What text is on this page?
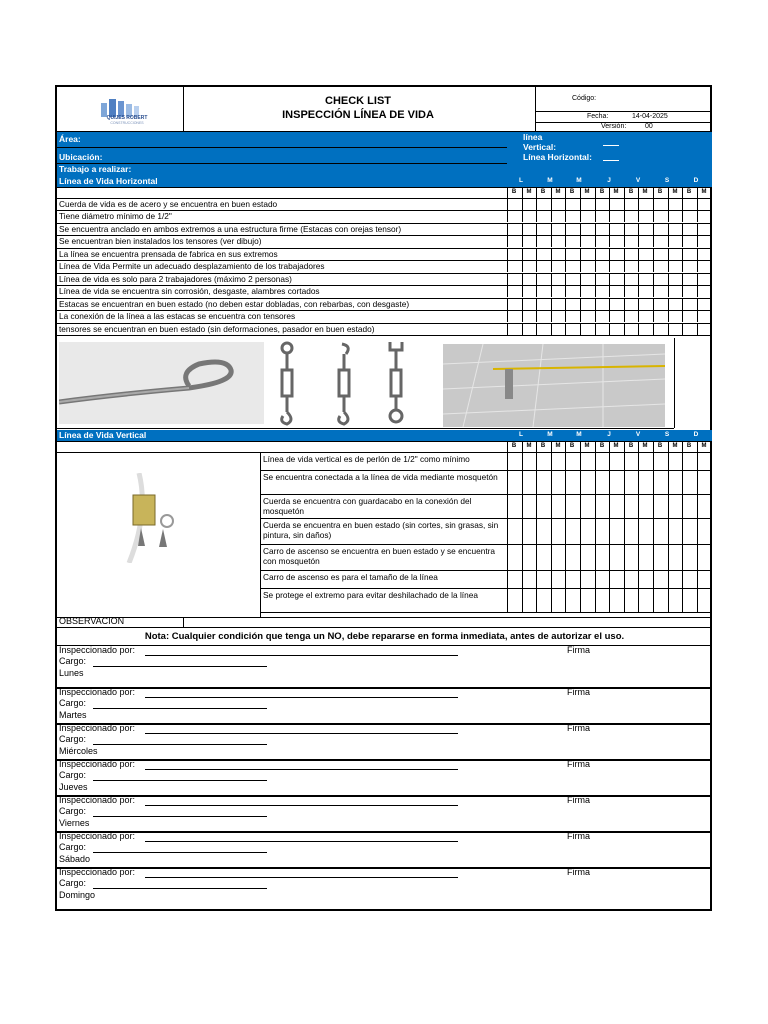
QUIJES ROBERT
CONSTRUCCIONES
CHECK LIST
INSPECCIÓN LÍNEA DE VIDA
Código:
Fecha:	14-04-2025
Versión:	00
Área:
Ubicación:
Trabajo a realizar:
línea
Vertical:
Línea Horizontal:
Línea de Vida Horizontal	L	M	M	J	V	S	D
B	M	B	M	B	M	B	M	B	M	B	M	B	M
Cuerda de vida es de acero y se encuentra en buen estado
Tiene diámetro mínimo de 1/2"
Se encuentra anclado en ambos extremos a una estructura firme (Estacas con orejas tensor)
Se encuentran bien instalados los tensores (ver dibujo)
La línea se encuentra prensada de fabrica en sus extremos
Línea de Vida Permite un adecuado desplazamiento de los trabajadores
Línea de vida es solo para 2 trabajadores (máximo 2 personas)
Línea de vida se encuentra sin corrosión, desgaste, alambres cortados
Estacas se encuentran en buen estado (no deben estar dobladas, con rebarbas, con desgaste)
La conexión de la línea a las estacas se encuentra con tensores
tensores se encuentran en buen estado (sin deformaciones, pasador en buen estado)
Línea de Vida Vertical	L	M	M	J	V	S	D
B	M	B	M	B	M	B	M	B	M	B	M	B	M
Línea de vida vertical es de perlón de 1/2" como mínimo
Se encuentra conectada a la línea de vida mediante mosquetón
Cuerda se encuentra con guardacabo en la conexión del mosquetón
Cuerda se encuentra en buen estado (sin cortes, sin grasas, sin pintura, sin daños)
Carro de ascenso se encuentra en buen estado y se encuentra con mosquetón
Carro de ascenso es para el tamaño de la línea
Se protege el extremo para evitar deshilachado de la línea
OBSERVACION
Nota: Cualquier condición que tenga un NO, debe repararse en forma inmediata, antes de autorizar el uso.
Inspeccionado por:	Firma
Cargo:
Lunes
Inspeccionado por:	Firma
Cargo:
Martes
Inspeccionado por:	Firma
Cargo:
Miércoles
Inspeccionado por:	Firma
Cargo:
Jueves
Inspeccionado por:	Firma
Cargo:
Viernes
Inspeccionado por:	Firma
Cargo:
Sábado
Inspeccionado por:	Firma
Cargo:
Domingo
